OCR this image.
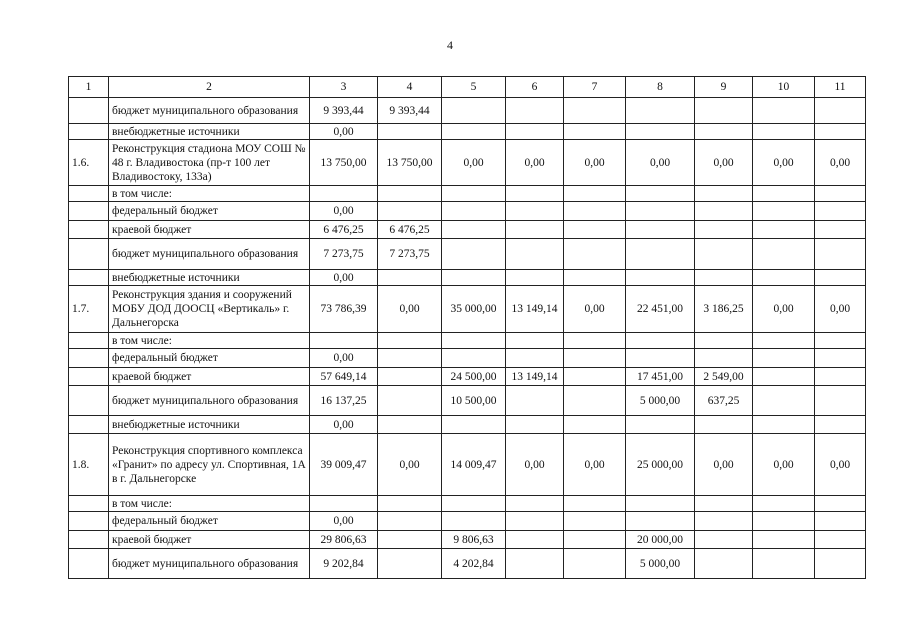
4
1	2	3	4	5	6	7	8	9	10	11
	бюджет муниципального образования	9 393,44	9 393,44							
	внебюджетные источники	0,00								
1.6.	Реконструкция стадиона МОУ СОШ № 48 г. Владивостока (пр-т 100 лет Владивостоку, 133а)	13 750,00	13 750,00	0,00	0,00	0,00	0,00	0,00	0,00	0,00
	в том числе:									
	федеральный бюджет	0,00								
	краевой бюджет	6 476,25	6 476,25							
	бюджет муниципального образования	7 273,75	7 273,75							
	внебюджетные источники	0,00								
1.7.	Реконструкция здания и сооружений МОБУ ДОД ДООСЦ «Вертикаль» г. Дальнегорска	73 786,39	0,00	35 000,00	13 149,14	0,00	22 451,00	3 186,25	0,00	0,00
	в том числе:									
	федеральный бюджет	0,00								
	краевой бюджет	57 649,14		24 500,00	13 149,14		17 451,00	2 549,00		
	бюджет муниципального образования	16 137,25		10 500,00			5 000,00	637,25		
	внебюджетные источники	0,00								
1.8.	Реконструкция спортивного комплекса «Гранит» по адресу ул. Спортивная, 1А в г. Дальнегорске	39 009,47	0,00	14 009,47	0,00	0,00	25 000,00	0,00	0,00	0,00
	в том числе:									
	федеральный бюджет	0,00								
	краевой бюджет	29 806,63		9 806,63			20 000,00			
	бюджет муниципального образования	9 202,84		4 202,84			5 000,00			
